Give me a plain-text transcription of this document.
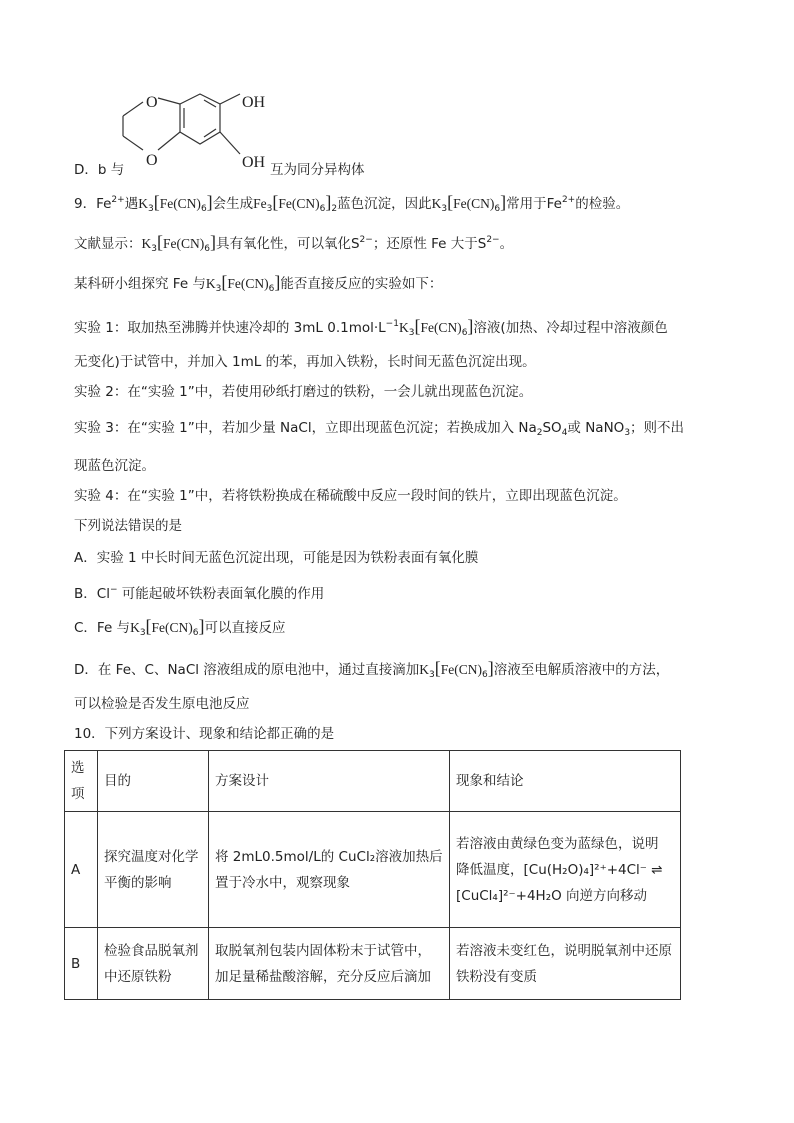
O
O
OH
OH
D．b 与	互为同分异构体
9．$Fe^{2+}$遇$K_3[Fe(CN)_6]$会生成$Fe_3[Fe(CN)_6]_2$蓝色沉淀，因此$K_3[Fe(CN)_6]$常用于$Fe^{2+}$的检验。
文献显示：$K_3[Fe(CN)_6]$具有氧化性，可以氧化$S^{2-}$；还原性 Fe 大于$S^{2-}$。
某科研小组探究 Fe 与$K_3[Fe(CN)_6]$能否直接反应的实验如下：
实验 1：取加热至沸腾并快速冷却的 3mL $0.1mol\cdot L^{-1}K_3[Fe(CN)_6]$溶液(加热、冷却过程中溶液颜色
无变化)于试管中，并加入 1mL 的苯，再加入铁粉，长时间无蓝色沉淀出现。
实验 2：在“实验 1”中，若使用砂纸打磨过的铁粉，一会儿就出现蓝色沉淀。
实验 3：在“实验 1”中，若加少量 NaCl，立即出现蓝色沉淀；若换成加入 $Na_2SO_4$或 NaNO$_3$；则不出
现蓝色沉淀。
实验 4：在“实验 1”中，若将铁粉换成在稀硫酸中反应一段时间的铁片，立即出现蓝色沉淀。
下列说法错误的是
A．实验 1 中长时间无蓝色沉淀出现，可能是因为铁粉表面有氧化膜
B．Cl− 可能起破坏铁粉表面氧化膜的作用
C．Fe 与$K_3[Fe(CN)_6]$可以直接反应
D．在 Fe、C、NaCl 溶液组成的原电池中，通过直接滴加$K_3[Fe(CN)_6]$溶液至电解质溶液中的方法，
可以检验是否发生原电池反应
10．下列方案设计、现象和结论都正确的是

选

项	目的	方案设计	现象和结论
A	探究温度对化学平衡的影响	将 2mL0.5mol/L的 CuCl₂溶液加热后置于冷水中，观察现象	若溶液由黄绿色变为蓝绿色，说明

降低温度，[Cu(H₂O)₄]²⁺+4Cl⁻ ⇌

[CuCl₄]²⁻+4H₂O 向逆方向移动

B	检验食品脱氧剂中还原铁粉	取脱氧剂包装内固体粉末于试管中，加足量稀盐酸溶解，充分反应后滴加	若溶液未变红色，说明脱氧剂中还原铁粉没有变质
